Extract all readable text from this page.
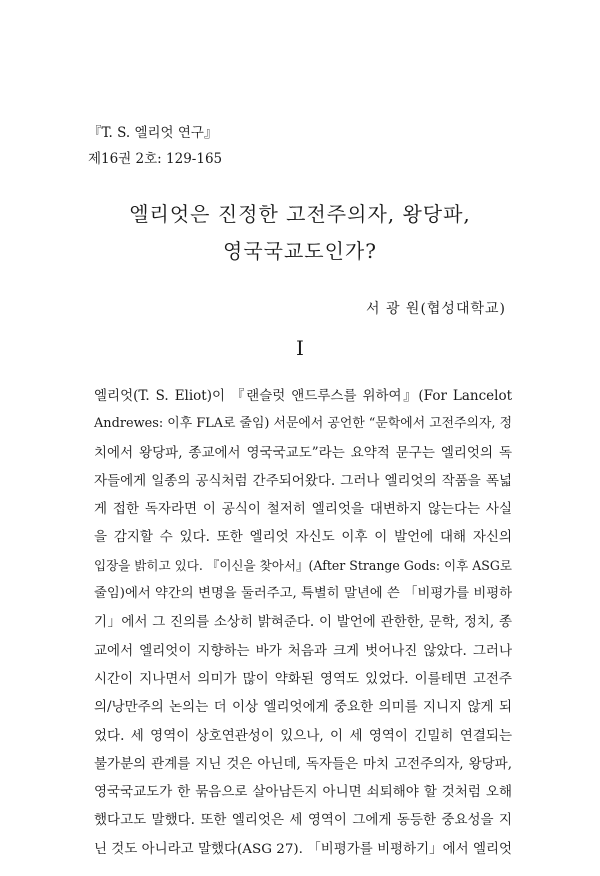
『T. S. 엘리엇 연구』
제16권 2호: 129-165
엘리엇은 진정한 고전주의자, 왕당파,
영국국교도인가?
서 광 원(협성대학교)
I
엘리엇(T. S. Eliot)이 『랜슬럿 앤드루스를 위하여』(For Lancelot
Andrewes: 이후 FLA로 줄임) 서문에서 공언한 “문학에서 고전주의자, 정
치에서 왕당파, 종교에서 영국국교도”라는 요약적 문구는 엘리엇의 독
자들에게 일종의 공식처럼 간주되어왔다. 그러나 엘리엇의 작품을 폭넓
게 접한 독자라면 이 공식이 철저히 엘리엇을 대변하지 않는다는 사실
을 감지할 수 있다. 또한 엘리엇 자신도 이후 이 발언에 대해 자신의
입장을 밝히고 있다. 『이신을 찾아서』(After Strange Gods: 이후 ASG로
줄임)에서 약간의 변명을 둘러주고, 특별히 말년에 쓴 「비평가를 비평하
기」에서 그 진의를 소상히 밝혀준다. 이 발언에 관한한, 문학, 정치, 종
교에서 엘리엇이 지향하는 바가 처음과 크게 벗어나진 않았다. 그러나
시간이 지나면서 의미가 많이 약화된 영역도 있었다. 이를테면 고전주
의/낭만주의 논의는 더 이상 엘리엇에게 중요한 의미를 지니지 않게 되
었다. 세 영역이 상호연관성이 있으나, 이 세 영역이 긴밀히 연결되는
불가분의 관계를 지닌 것은 아닌데, 독자들은 마치 고전주의자, 왕당파,
영국국교도가 한 묶음으로 살아남든지 아니면 쇠퇴해야 할 것처럼 오해
했다고도 말했다. 또한 엘리엇은 세 영역이 그에게 동등한 중요성을 지
닌 것도 아니라고 말했다(ASG 27). 「비평가를 비평하기」에서 엘리엇
